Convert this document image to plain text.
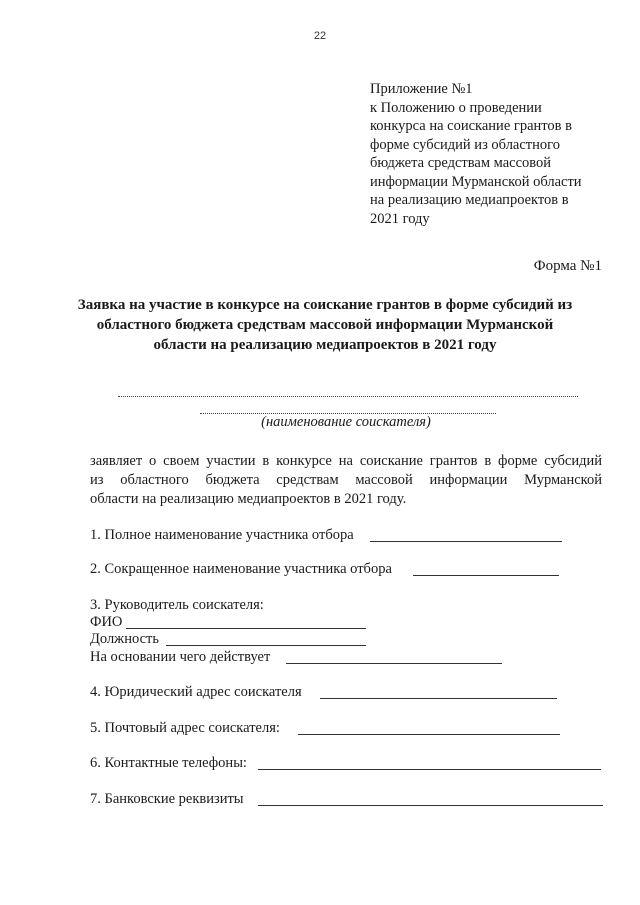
22
Приложение №1
к Положению о проведении
конкурса на соискание грантов в
форме субсидий из областного
бюджета средствам массовой
информации Мурманской области
на реализацию медиапроектов в
2021 году
Форма №1
Заявка на участие в конкурсе на соискание грантов в форме субсидий из
областного бюджета средствам массовой информации Мурманской
области на реализацию медиапроектов в 2021 году
(наименование соискателя)
заявляет о своем участии в конкурсе на соискание грантов в форме субсидий
из областного бюджета средствам массовой информации Мурманской
области на реализацию медиапроектов в 2021 году.
1. Полное наименование участника отбора
2. Сокращенное наименование участника отбора
3. Руководитель соискателя:
ФИО
Должность
На основании чего действует
4. Юридический адрес соискателя
5. Почтовый адрес соискателя:
6. Контактные телефоны:
7. Банковские реквизиты
